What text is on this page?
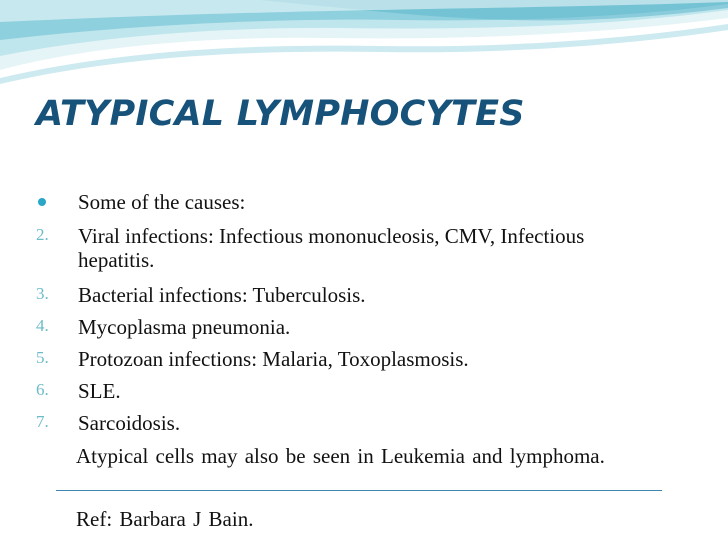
ATYPICAL LYMPHOCYTES
Some of the causes:
2. Viral infections: Infectious mononucleosis, CMV, Infectious hepatitis.
3. Bacterial infections: Tuberculosis.
4. Mycoplasma pneumonia.
5. Protozoan infections: Malaria, Toxoplasmosis.
6. SLE.
7. Sarcoidosis.
Atypical cells may also be seen in Leukemia and lymphoma.
Ref: Barbara J Bain.
